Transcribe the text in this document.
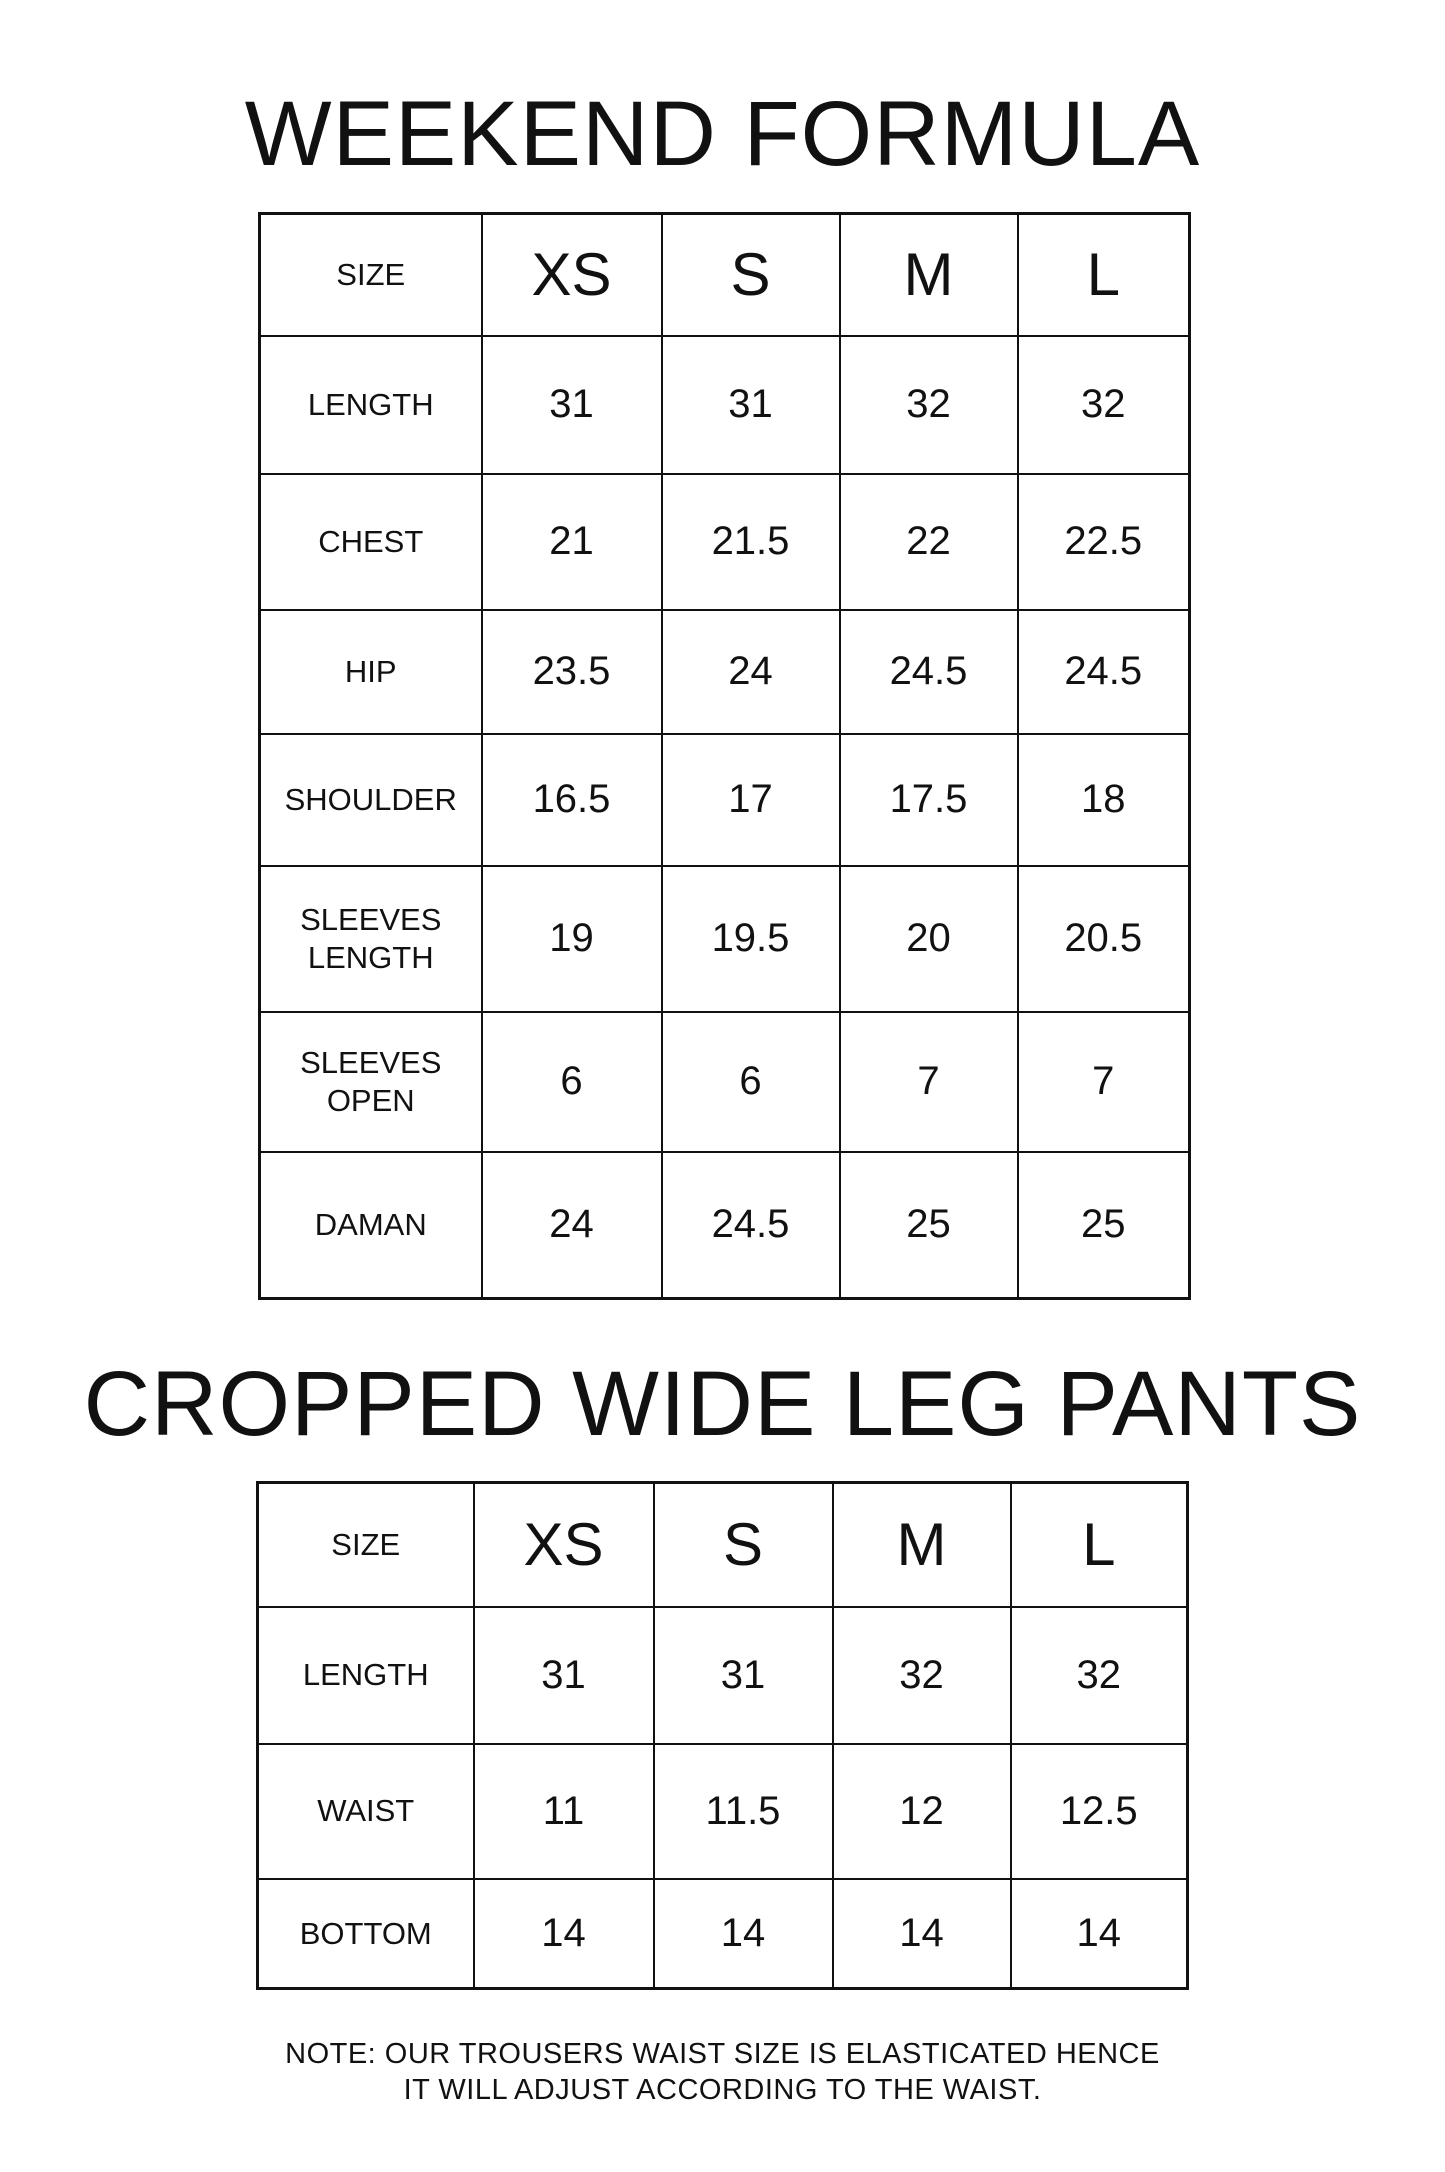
WEEKEND FORMULA
SIZE	XS	S	M	L
LENGTH	31	31	32	32
CHEST	21	21.5	22	22.5
HIP	23.5	24	24.5	24.5
SHOULDER	16.5	17	17.5	18
SLEEVES LENGTH	19	19.5	20	20.5
SLEEVES OPEN	6	6	7	7
DAMAN	24	24.5	25	25
CROPPED WIDE LEG PANTS
SIZE	XS	S	M	L
LENGTH	31	31	32	32
WAIST	11	11.5	12	12.5
BOTTOM	14	14	14	14
NOTE: OUR TROUSERS WAIST SIZE IS ELASTICATED HENCE
IT WILL ADJUST ACCORDING TO THE WAIST.
